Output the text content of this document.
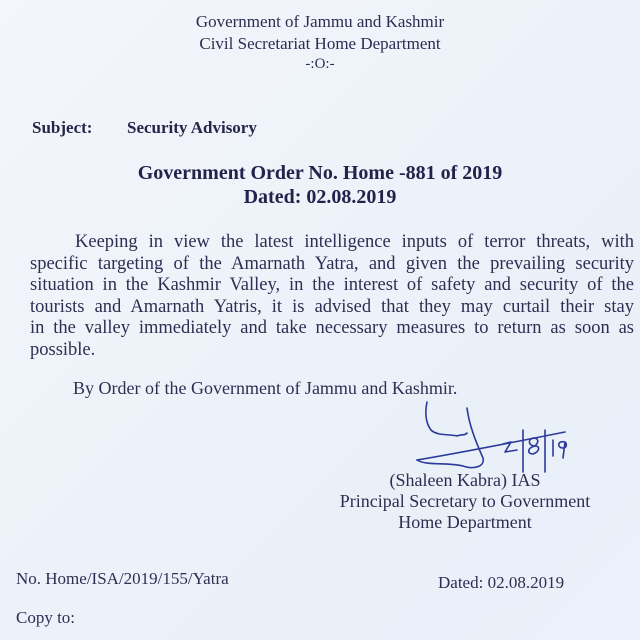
Government of Jammu and Kashmir
Civil Secretariat Home Department
-:O:-
Subject: Security Advisory
Government Order No. Home -881 of 2019
Dated: 02.08.2019
Keeping in view the latest intelligence inputs of terror threats, with
specific targeting of the Amarnath Yatra, and given the prevailing security
situation in the Kashmir Valley, in the interest of safety and security of the
tourists and Amarnath Yatris, it is advised that they may curtail their stay
in the valley immediately and take necessary measures to return as soon as
possible.
By Order of the Government of Jammu and Kashmir.
(Shaleen Kabra) IAS
Principal Secretary to Government
Home Department
No. Home/ISA/2019/155/Yatra	Dated: 02.08.2019
Copy to:
